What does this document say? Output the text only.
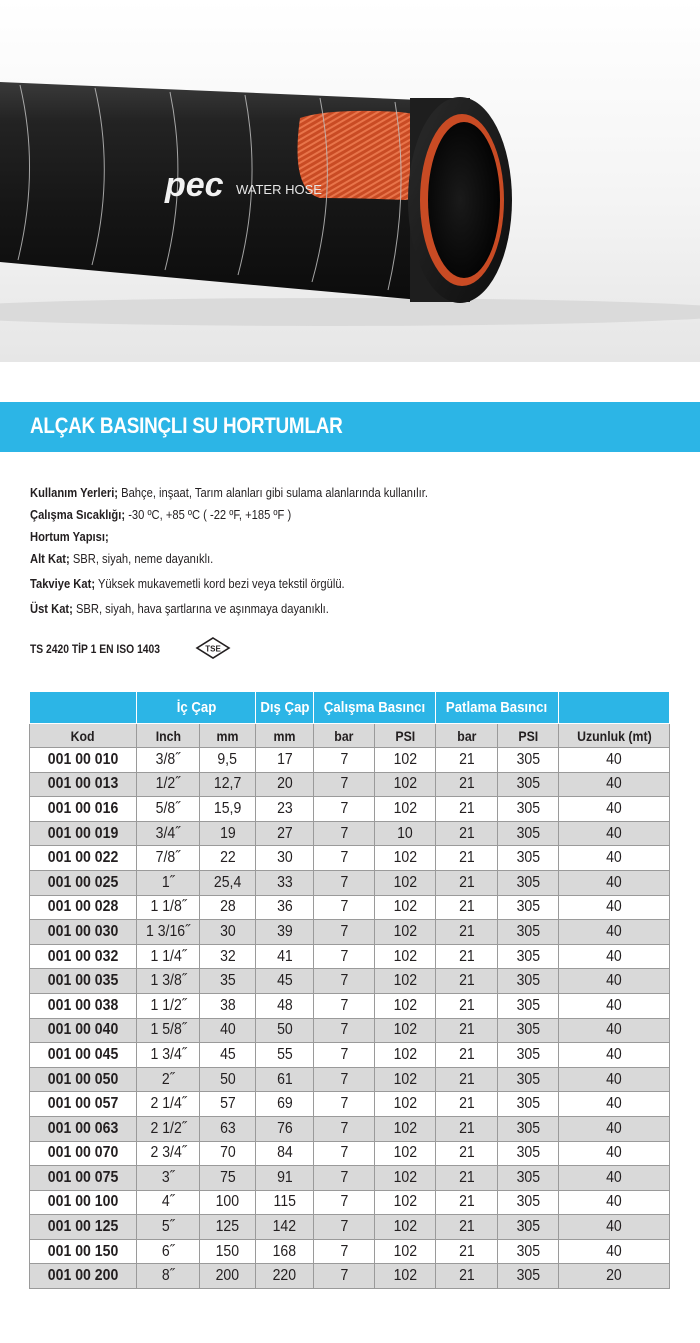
pec WATER HOSE
ALÇAK BASINÇLI SU HORTUMLAR
Kullanım Yerleri; Bahçe, inşaat, Tarım alanları gibi sulama alanlarında kullanılır.
Çalışma Sıcaklığı; -30 ºC, +85 ºC ( -22 ºF, +185 ºF )
Hortum Yapısı;
Alt Kat; SBR, siyah, neme dayanıklı.
Takviye Kat; Yüksek mukavemetli kord bezi veya tekstil örgülü.
Üst Kat; SBR, siyah, hava şartlarına ve aşınmaya dayanıklı.
TS 2420 TİP 1 EN ISO 1403	TSE
	İç Çap		Dış Çap	Çalışma Basıncı		Patlama Basıncı		
Kod	Inch	mm	mm	bar	PSI	bar	PSI	Uzunluk (mt)
001 00 010	3/8˝	9,5	17	7	102	21	305	40
001 00 013	1/2˝	12,7	20	7	102	21	305	40
001 00 016	5/8˝	15,9	23	7	102	21	305	40
001 00 019	3/4˝	19	27	7	10	21	305	40
001 00 022	7/8˝	22	30	7	102	21	305	40
001 00 025	1˝	25,4	33	7	102	21	305	40
001 00 028	1 1/8˝	28	36	7	102	21	305	40
001 00 030	1 3/16˝	30	39	7	102	21	305	40
001 00 032	1 1/4˝	32	41	7	102	21	305	40
001 00 035	1 3/8˝	35	45	7	102	21	305	40
001 00 038	1 1/2˝	38	48	7	102	21	305	40
001 00 040	1 5/8˝	40	50	7	102	21	305	40
001 00 045	1 3/4˝	45	55	7	102	21	305	40
001 00 050	2˝	50	61	7	102	21	305	40
001 00 057	2 1/4˝	57	69	7	102	21	305	40
001 00 063	2 1/2˝	63	76	7	102	21	305	40
001 00 070	2 3/4˝	70	84	7	102	21	305	40
001 00 075	3˝	75	91	7	102	21	305	40
001 00 100	4˝	100	115	7	102	21	305	40
001 00 125	5˝	125	142	7	102	21	305	40
001 00 150	6˝	150	168	7	102	21	305	40
001 00 200	8˝	200	220	7	102	21	305	20
